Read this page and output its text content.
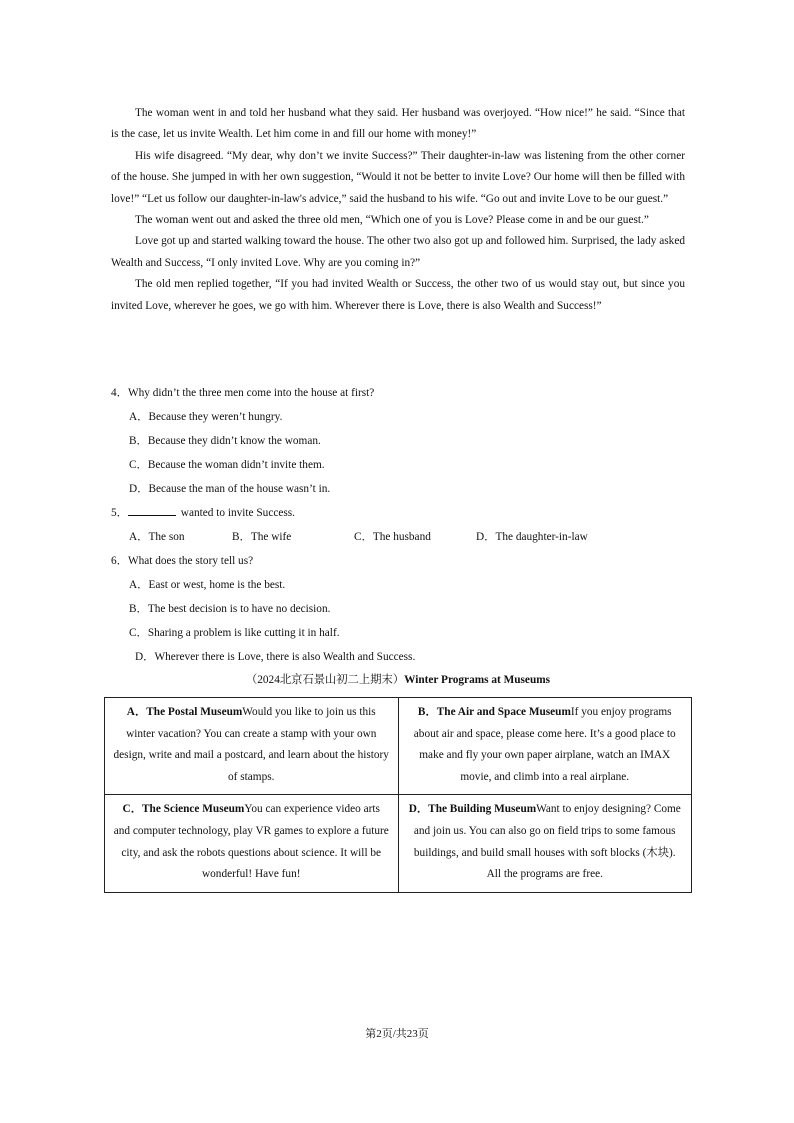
The woman went in and told her husband what they said. Her husband was overjoyed. “How nice!” he said. “Since that is the case, let us invite Wealth. Let him come in and fill our home with money!”

His wife disagreed. “My dear, why don’t we invite Success?” Their daughter-in-law was listening from the other corner of the house. She jumped in with her own suggestion, “Would it not be better to invite Love? Our home will then be filled with love!” “Let us follow our daughter-in-law's advice,” said the husband to his wife. “Go out and invite Love to be our guest.”

The woman went out and asked the three old men, “Which one of you is Love? Please come in and be our guest.”

Love got up and started walking toward the house. The other two also got up and followed him. Surprised, the lady asked Wealth and Success, “I only invited Love. Why are you coming in?”

The old men replied together, “If you had invited Wealth or Success, the other two of us would stay out, but since you invited Love, wherever he goes, we go with him. Wherever there is Love, there is also Wealth and Success!”

4．Why didn’t the three men come into the house at first?
A．Because they weren’t hungry.
B．Because they didn’t know the woman.
C．Because the woman didn’t invite them.
D．Because the man of the house wasn’t in.
5．	wanted to invite Success.
A．The son	B．The wife	C．The husband	D．The daughter-in-law
6．What does the story tell us?
A．East or west, home is the best.
B．The best decision is to have no decision.
C．Sharing a problem is like cutting it in half.
D．Wherever there is Love, there is also Wealth and Success.
（2024北京石景山初二上期末）Winter Programs at Museums
A．The Postal MuseumWould you like to join us this winter vacation? You can create a stamp with your own design, write and mail a postcard, and learn about the history of stamps.	B．The Air and Space MuseumIf you enjoy programs about air and space, please come here. It’s a good place to make and fly your own paper airplane, watch an IMAX movie, and climb into a real airplane.
C．The Science MuseumYou can experience video arts and computer technology, play VR games to explore a future city, and ask the robots questions about science. It will be wonderful! Have fun!	D．The Building MuseumWant to enjoy designing? Come and join us. You can also go on field trips to some famous buildings, and build small houses with soft blocks (木块). All the programs are free.
第2页/共23页
